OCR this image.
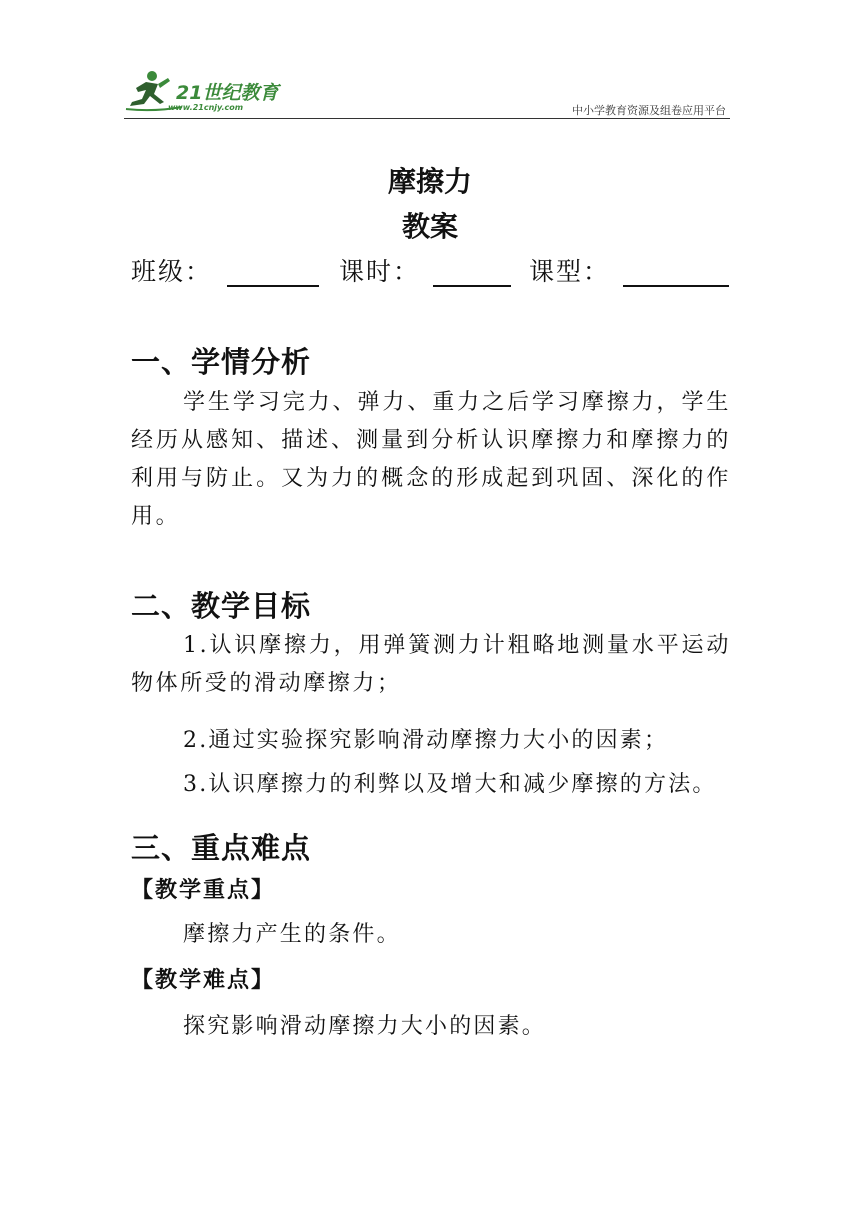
21世纪教育
www.21cnjy.com	中小学教育资源及组卷应用平台
摩擦力
教案
班级：	课时：	课型：
一、学情分析
学生学习完力、弹力、重力之后学习摩擦力，学生经历从感知、描述、测量到分析认识摩擦力和摩擦力的利用与防止。又为力的概念的形成起到巩固、深化的作用。
二、教学目标
1.认识摩擦力，用弹簧测力计粗略地测量水平运动物体所受的滑动摩擦力；
2.通过实验探究影响滑动摩擦力大小的因素；
3.认识摩擦力的利弊以及增大和减少摩擦的方法。
三、重点难点
【教学重点】
摩擦力产生的条件。
【教学难点】
探究影响滑动摩擦力大小的因素。
